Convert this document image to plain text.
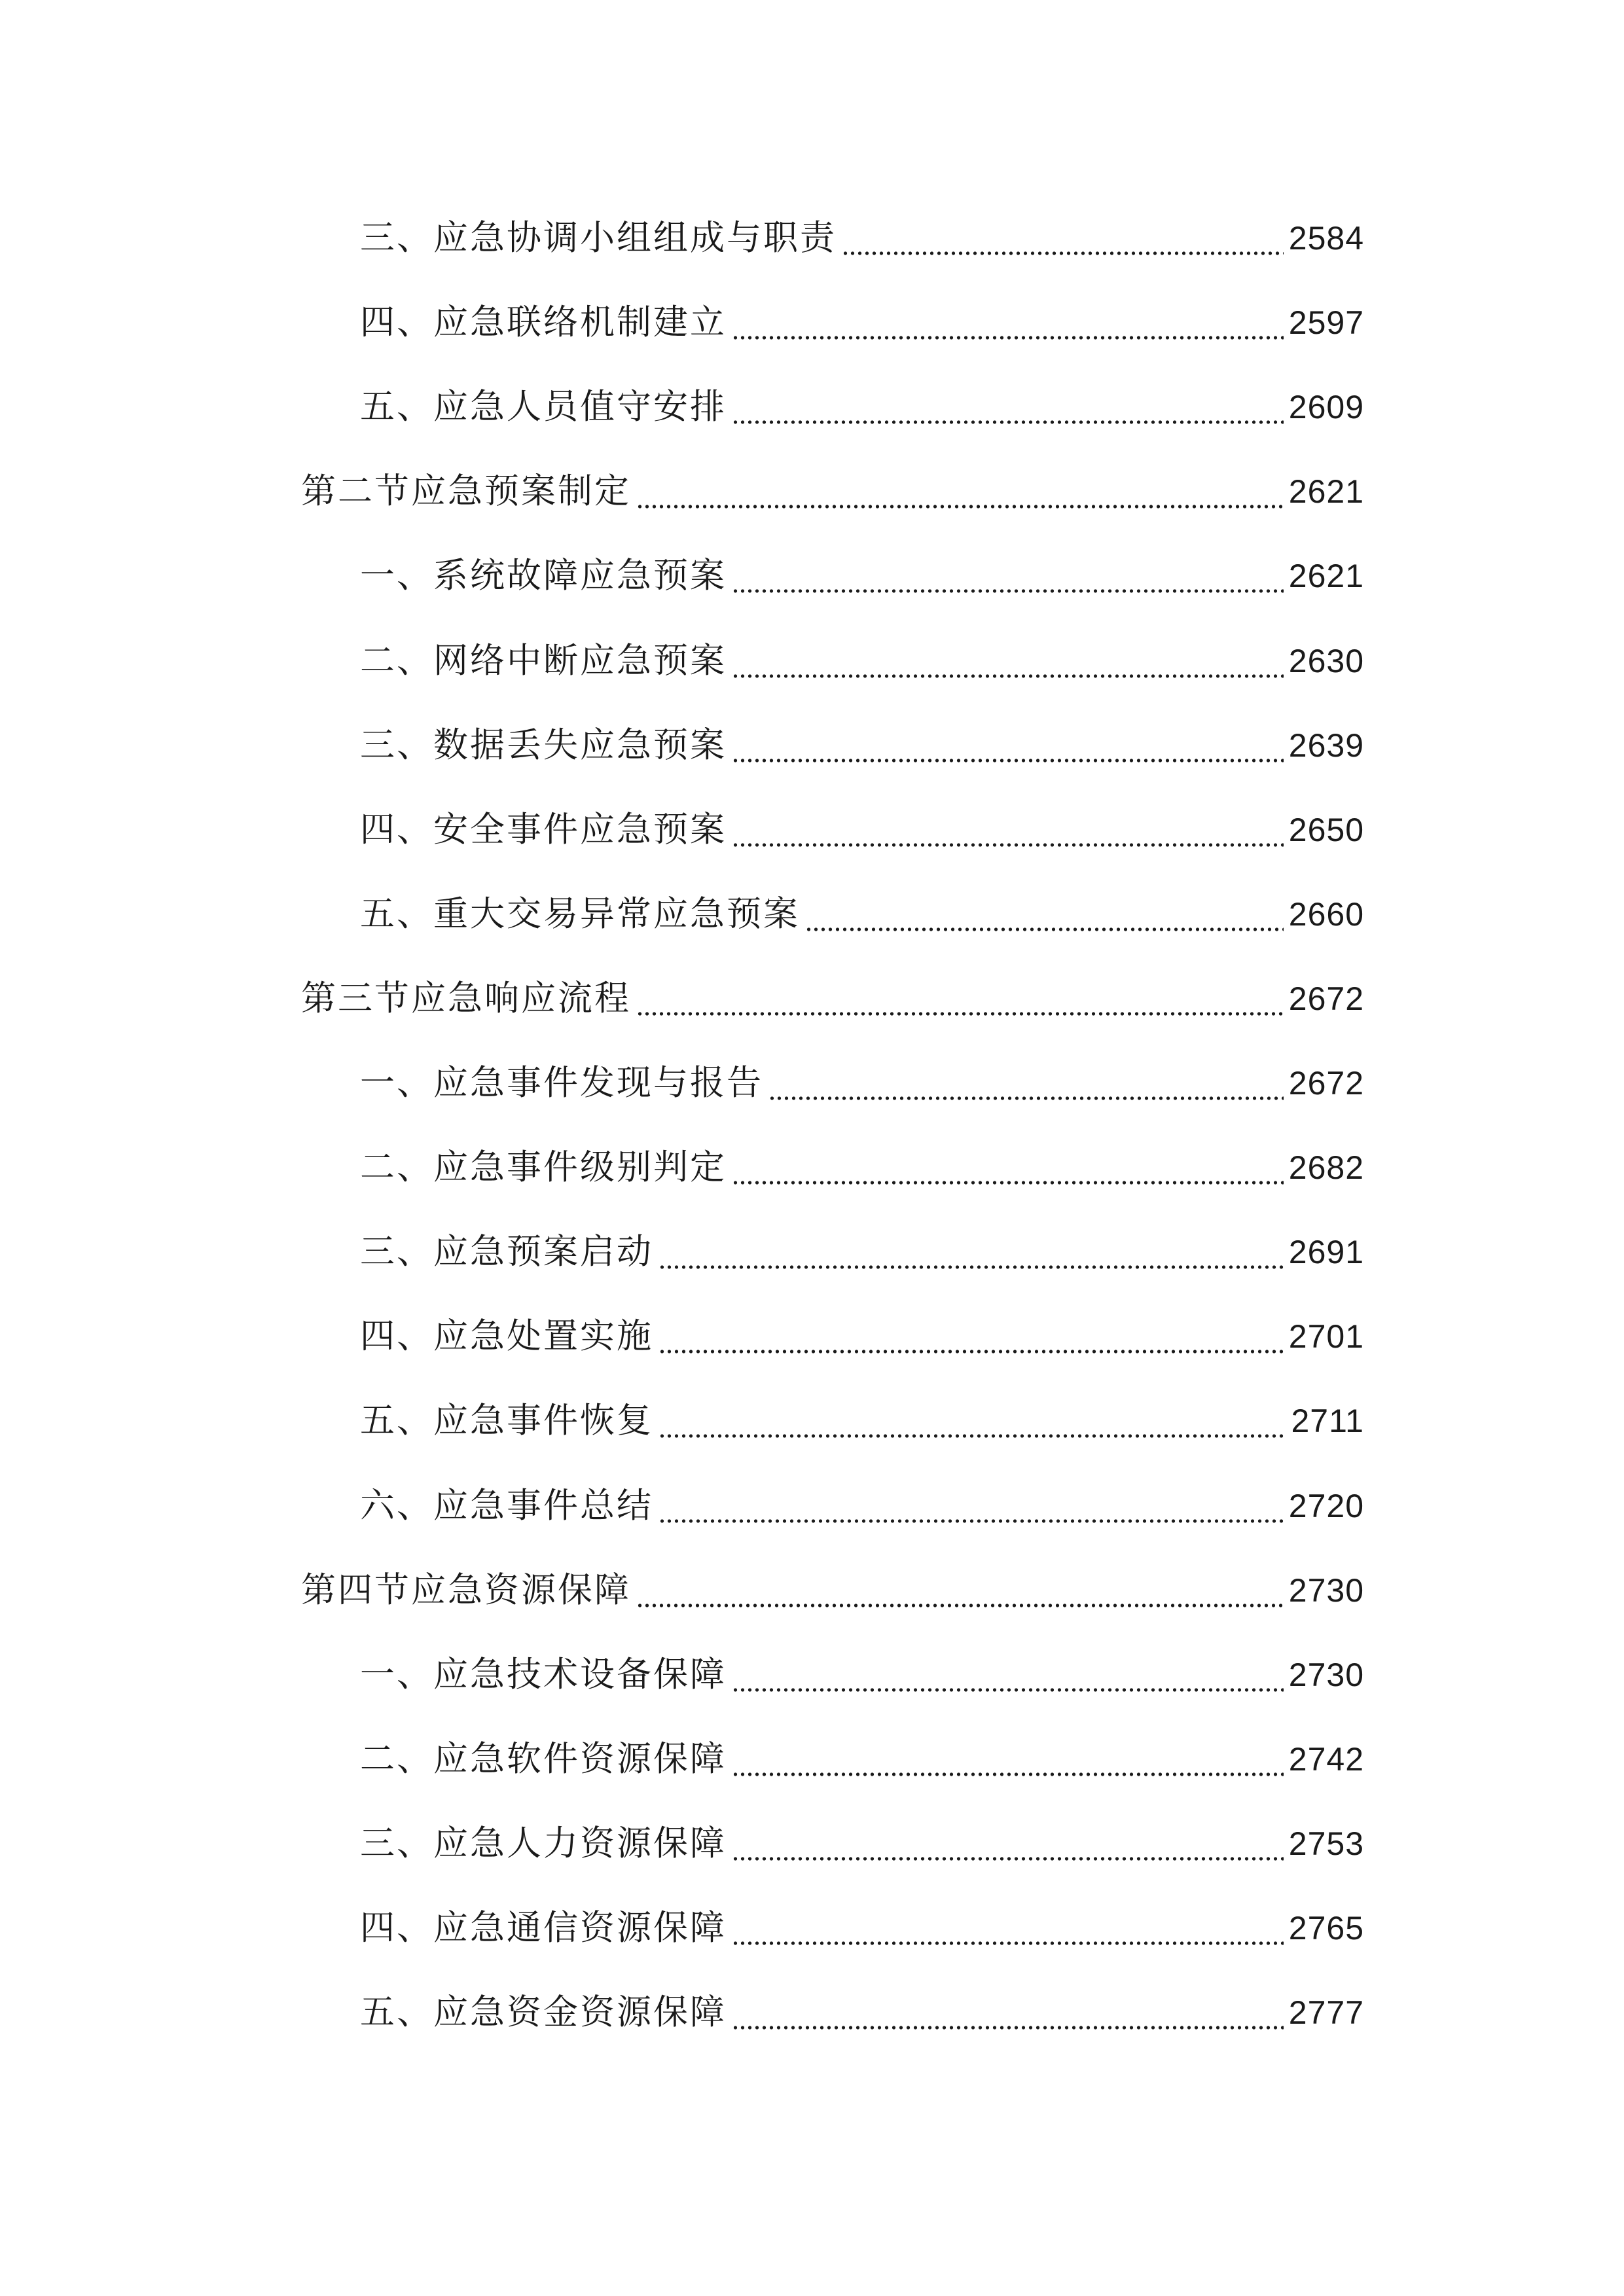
三、应急协调小组组成与职责	2584
四、应急联络机制建立	2597
五、应急人员值守安排	2609
第二节应急预案制定	2621
一、系统故障应急预案	2621
二、网络中断应急预案	2630
三、数据丢失应急预案	2639
四、安全事件应急预案	2650
五、重大交易异常应急预案	2660
第三节应急响应流程	2672
一、应急事件发现与报告	2672
二、应急事件级别判定	2682
三、应急预案启动	2691
四、应急处置实施	2701
五、应急事件恢复	2711
六、应急事件总结	2720
第四节应急资源保障	2730
一、应急技术设备保障	2730
二、应急软件资源保障	2742
三、应急人力资源保障	2753
四、应急通信资源保障	2765
五、应急资金资源保障	2777
